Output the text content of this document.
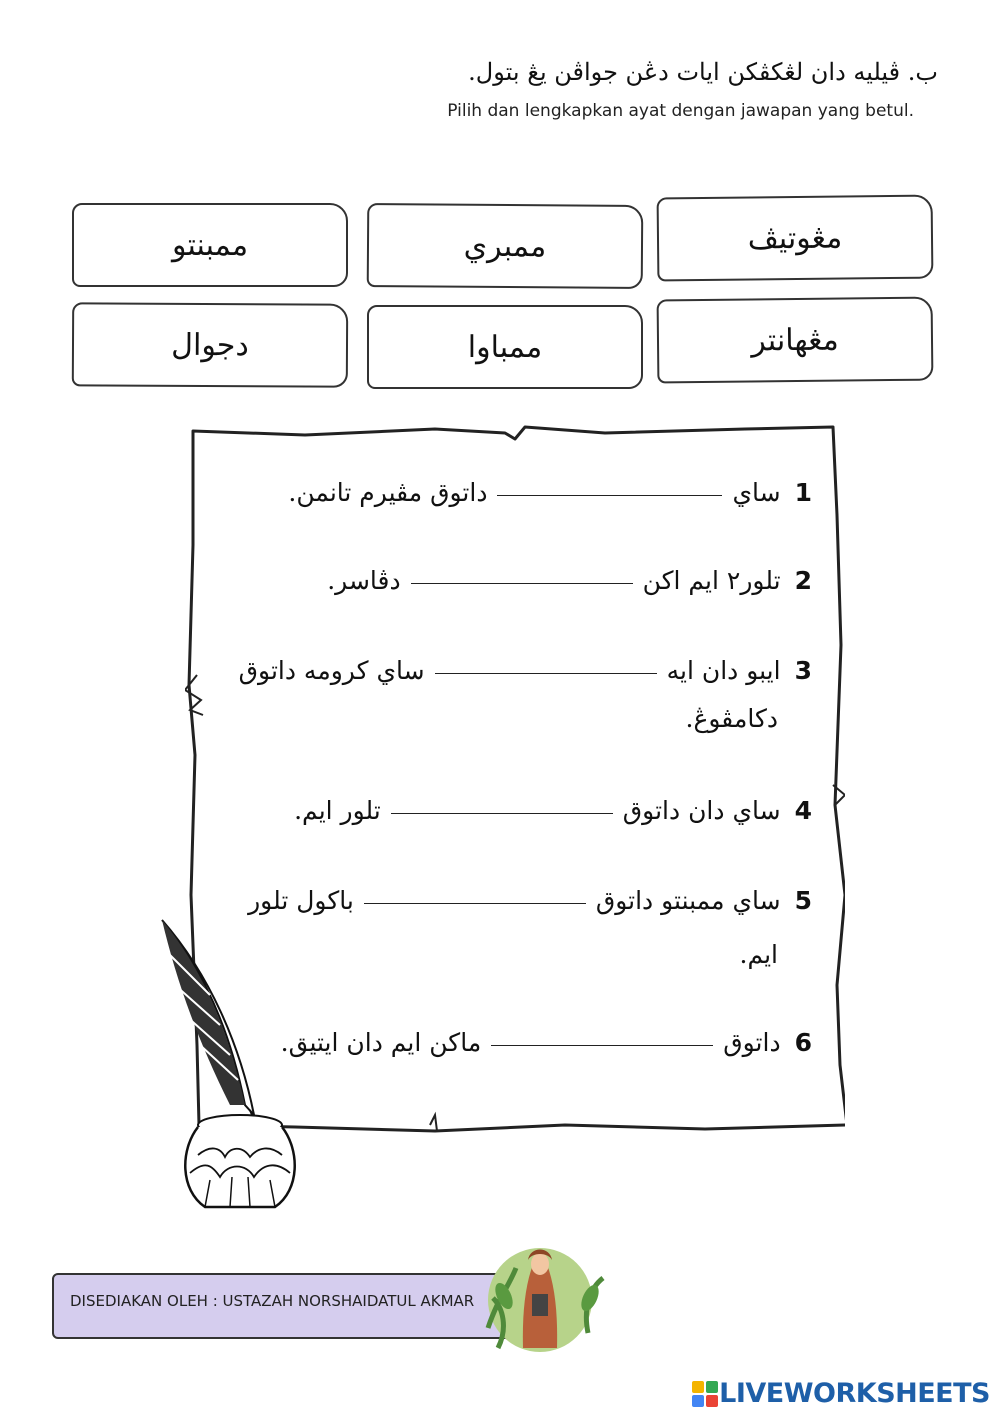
ب. ڤيليه دان لڠكڤكن ايات دڠن جواڤن يڠ بتول.
Pilih dan lengkapkan ayat dengan jawapan yang betul.
مڠوتيڤ
ممبري
ممبنتو
مڠهانتر
ممباوا
دجوال
1سايداتوق مڤيرم تانمن.
2تلور٢ ايم اکندڤاسر.
3ايبو دان ايهساي کرومه داتوق
دکامڤوڠ.
4ساي دان داتوقتلور ايم.
5ساي ممبنتو داتوقباکول تلور
ايم.
6داتوقماکن ايم دان ايتيق.
DISEDIAKAN OLEH : USTAZAH NORSHAIDATUL AKMAR
LIVEWORKSHEETS
